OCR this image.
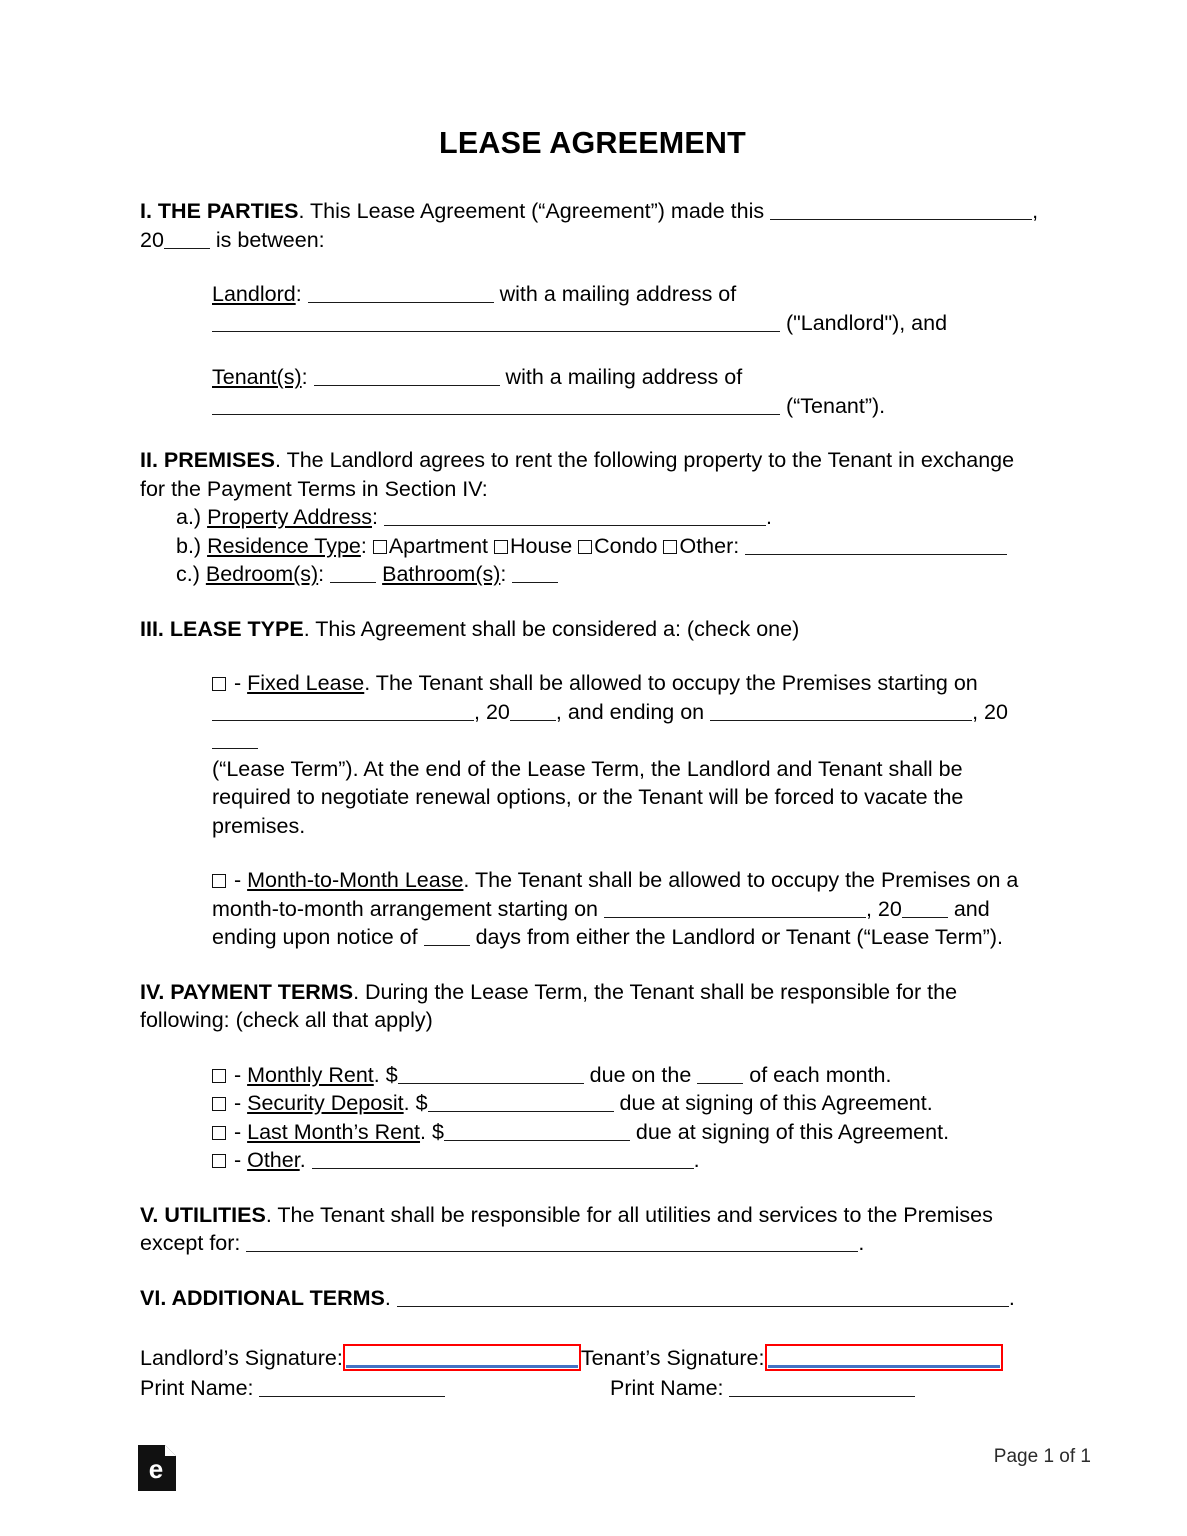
LEASE AGREEMENT

I. THE PARTIES. This Lease Agreement (“Agreement”) made this	,
20 is between:

Landlord:	with a mailing address of
("Landlord"), and

Tenant(s):	with a mailing address of
(“Tenant”).

II. PREMISES. The Landlord agrees to rent the following property to the Tenant in exchange for the Payment Terms in Section IV:

a.) Property Address:	.

b.) Residence Type: Apartment House Condo Other:

c.) Bedroom(s):  Bathroom(s):

III. LEASE TYPE. This Agreement shall be considered a: (check one)

- Fixed Lease. The Tenant shall be allowed to occupy the Premises starting on , 20 , and ending on	, 20
(“Lease Term”). At the end of the Lease Term, the Landlord and Tenant shall be required to negotiate renewal options, or the Tenant will be forced to vacate the premises.

- Month-to-Month Lease. The Tenant shall be allowed to occupy the Premises on a month-to-month arrangement starting on	, 20 and ending upon notice of  days from either the Landlord or Tenant (“Lease Term”).

IV. PAYMENT TERMS. During the Lease Term, the Tenant shall be responsible for the following: (check all that apply)

- Monthly Rent. $	due on the  of each month.

- Security Deposit. $	due at signing of this Agreement.

- Last Month’s Rent. $	due at signing of this Agreement.

- Other.	.

V. UTILITIES. The Tenant shall be responsible for all utilities and services to the Premises except for:	.

VI. ADDITIONAL TERMS.	.

Landlord’s Signature:	Tenant’s Signature:
Print Name:	Print Name:
e	Page 1 of 1
